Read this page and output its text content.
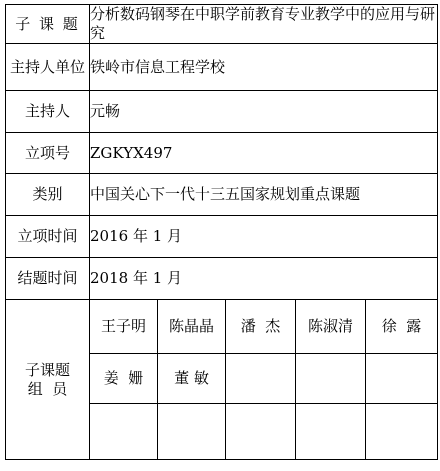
子 课 题	分析数码钢琴在中职学前教育专业教学中的应用与研究				
主持人单位	铁岭市信息工程学校				
主持人	元畅				
立项号	ZGKYX497				
类别	中国关心下一代十三五国家规划重点课题				
立项时间	2016 年 1 月				
结题时间	2018 年 1 月				

子课题
组  员	王子明	陈晶晶	潘  杰	陈淑清	徐  露
	姜  姗	董 敏			
